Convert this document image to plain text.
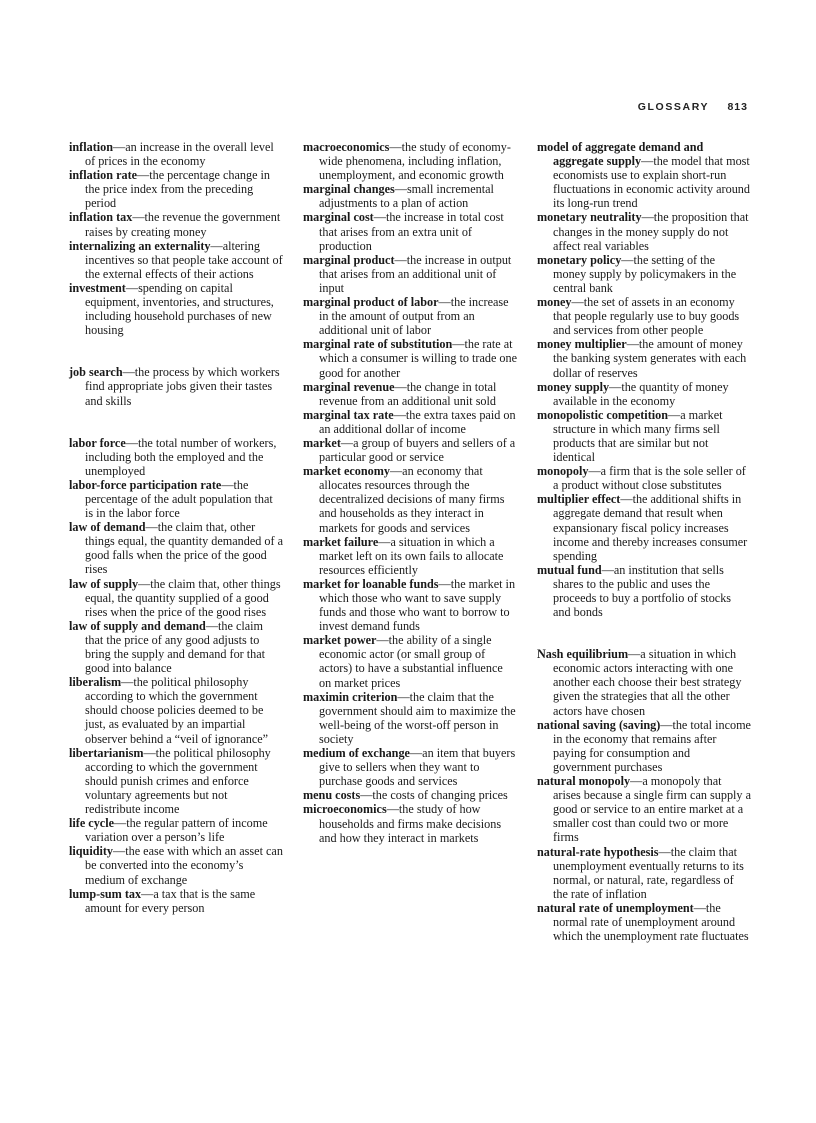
GLOSSARY 813

inflation—an increase in the overall level of prices in the economy

inflation rate—the percentage change in the price index from the preceding period

inflation tax—the revenue the government raises by creating money

internalizing an externality—altering incentives so that people take account of the external effects of their actions

investment—spending on capital equipment, inventories, and structures, including household purchases of new housing

job search—the process by which workers find appropriate jobs given their tastes and skills

labor force—the total number of workers, including both the employed and the unemployed

labor-force participation rate—the percentage of the adult population that is in the labor force

law of demand—the claim that, other things equal, the quantity demanded of a good falls when the price of the good rises

law of supply—the claim that, other things equal, the quantity supplied of a good rises when the price of the good rises

law of supply and demand—the claim that the price of any good adjusts to bring the supply and demand for that good into balance

liberalism—the political philosophy according to which the government should choose policies deemed to be just, as evaluated by an impartial observer behind a “veil of ignorance”

libertarianism—the political philosophy according to which the government should punish crimes and enforce voluntary agreements but not redistribute income

life cycle—the regular pattern of income variation over a person’s life

liquidity—the ease with which an asset can be converted into the economy’s medium of exchange

lump-sum tax—a tax that is the same amount for every person

macroeconomics—the study of economy-wide phenomena, including inflation, unemployment, and economic growth

marginal changes—small incremental adjustments to a plan of action

marginal cost—the increase in total cost that arises from an extra unit of production

marginal product—the increase in output that arises from an additional unit of input

marginal product of labor—the increase in the amount of output from an additional unit of labor

marginal rate of substitution—the rate at which a consumer is willing to trade one good for another

marginal revenue—the change in total revenue from an additional unit sold

marginal tax rate—the extra taxes paid on an additional dollar of income

market—a group of buyers and sellers of a particular good or service

market economy—an economy that allocates resources through the decentralized decisions of many firms and households as they interact in markets for goods and services

market failure—a situation in which a market left on its own fails to allocate resources efficiently

market for loanable funds—the market in which those who want to save supply funds and those who want to borrow to invest demand funds

market power—the ability of a single economic actor (or small group of actors) to have a substantial influence on market prices

maximin criterion—the claim that the government should aim to maximize the well-being of the worst-off person in society

medium of exchange—an item that buyers give to sellers when they want to purchase goods and services

menu costs—the costs of changing prices

microeconomics—the study of how households and firms make decisions and how they interact in markets

model of aggregate demand and aggregate supply—the model that most economists use to explain short-run fluctuations in economic activity around its long-run trend

monetary neutrality—the proposition that changes in the money supply do not affect real variables

monetary policy—the setting of the money supply by policymakers in the central bank

money—the set of assets in an economy that people regularly use to buy goods and services from other people

money multiplier—the amount of money the banking system generates with each dollar of reserves

money supply—the quantity of money available in the economy

monopolistic competition—a market structure in which many firms sell products that are similar but not identical

monopoly—a firm that is the sole seller of a product without close substitutes

multiplier effect—the additional shifts in aggregate demand that result when expansionary fiscal policy increases income and thereby increases consumer spending

mutual fund—an institution that sells shares to the public and uses the proceeds to buy a portfolio of stocks and bonds

Nash equilibrium—a situation in which economic actors interacting with one another each choose their best strategy given the strategies that all the other actors have chosen

national saving (saving)—the total income in the economy that remains after paying for consumption and government purchases

natural monopoly—a monopoly that arises because a single firm can supply a good or service to an entire market at a smaller cost than could two or more firms

natural-rate hypothesis—the claim that unemployment eventually returns to its normal, or natural, rate, regardless of the rate of inflation

natural rate of unemployment—the normal rate of unemployment around which the unemployment rate fluctuates
